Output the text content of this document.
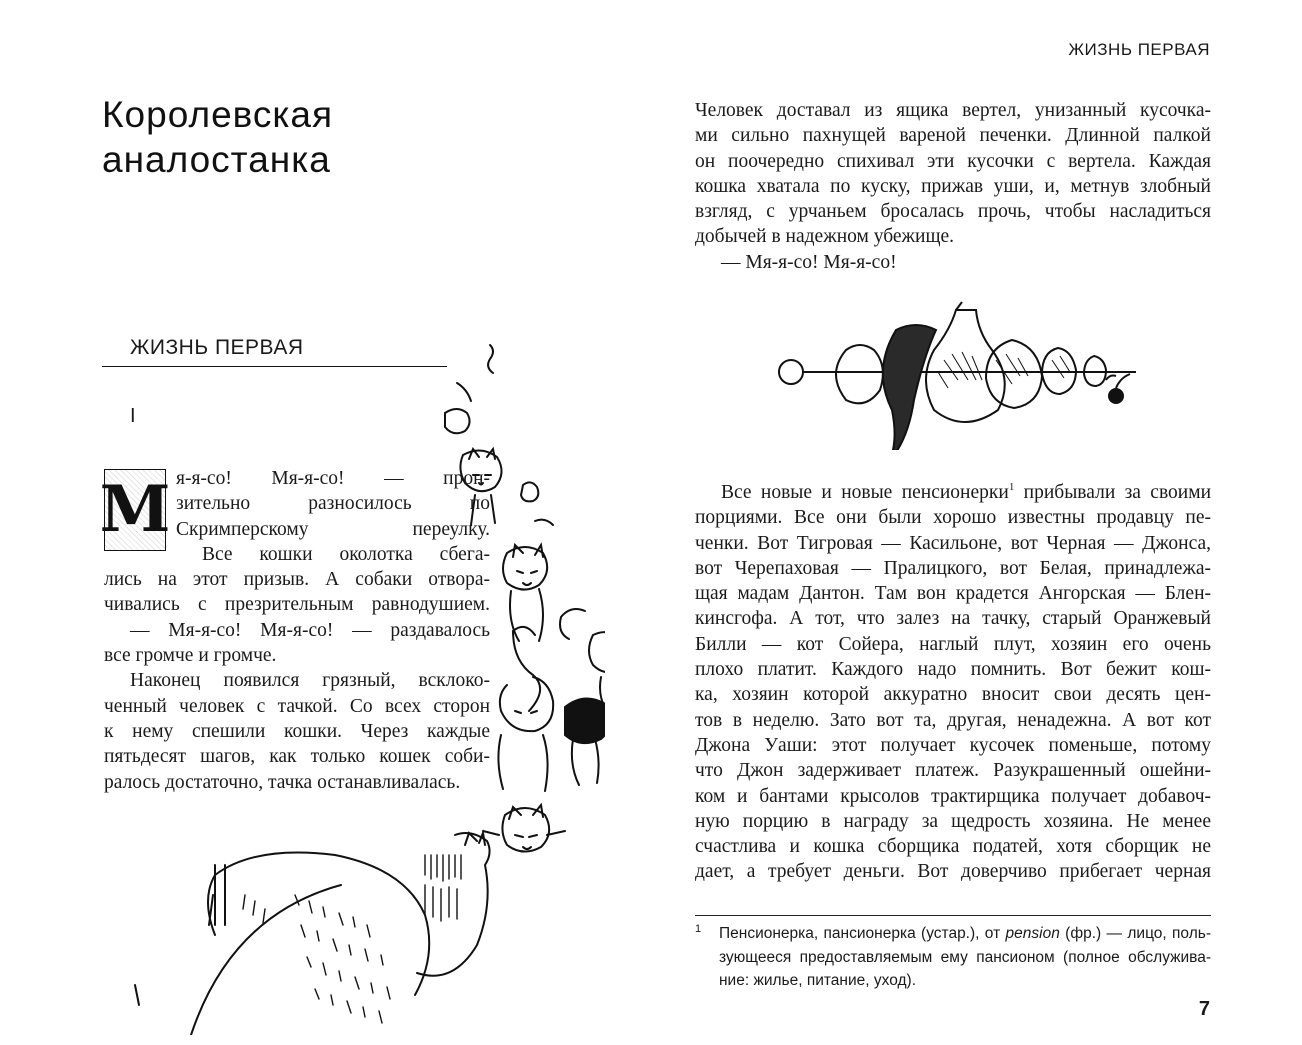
Королевская
аналостанка
ЖИЗНЬ ПЕРВАЯ
I
М я-я-со! Мя-я-со! — прон-
зительно разносилось по
Скримперскому переулку.
Все кошки околотка сбега-
лись на этот призыв. А собаки отвора-
чивались с презрительным равнодушием.
— Мя-я-со! Мя-я-со! — раздавалось
все громче и громче.
Наконец появился грязный, всклоко-
ченный человек с тачкой. Со всех сторон
к нему спешили кошки. Через каждые
пятьдесят шагов, как только кошек соби-
ралось достаточно, тачка останавливалась.
ЖИЗНЬ ПЕРВАЯ
Человек доставал из ящика вертел, унизанный кусочка-
ми сильно пахнущей вареной печенки. Длинной палкой
он поочередно спихивал эти кусочки с вертела. Каждая
кошка хватала по куску, прижав уши, и, метнув злобный
взгляд, с урчаньем бросалась прочь, чтобы насладиться
добычей в надежном убежище.
— Мя-я-со! Мя-я-со!
Все новые и новые пенсионерки$^1$ прибывали за своими
порциями. Все они были хорошо известны продавцу пе-
ченки. Вот Тигровая — Касильоне, вот Черная — Джонса,
вот Черепаховая — Пралицкого, вот Белая, принадлежа-
щая мадам Дантон. Там вон крадется Ангорская — Блен-
кинсгофа. А тот, что залез на тачку, старый Оранжевый
Билли — кот Сойера, наглый плут, хозяин его очень
плохо платит. Каждого надо помнить. Вот бежит кош-
ка, хозяин которой аккуратно вносит свои десять цен-
тов в неделю. Зато вот та, другая, ненадежна. А вот кот
Джона Уаши: этот получает кусочек поменьше, потому
что Джон задерживает платеж. Разукрашенный ошейни-
ком и бантами крысолов трактирщика получает добавоч-
ную порцию в награду за щедрость хозяина. Не менее
счастлива и кошка сборщика податей, хотя сборщик не
дает, а требует деньги. Вот доверчиво прибегает черная
1 Пенсионерка, пансионерка (устар.), от pension (фр.) — лицо, поль-
зующееся предоставляемым ему пансионом (полное обслужива-
ние: жилье, питание, уход).
7
